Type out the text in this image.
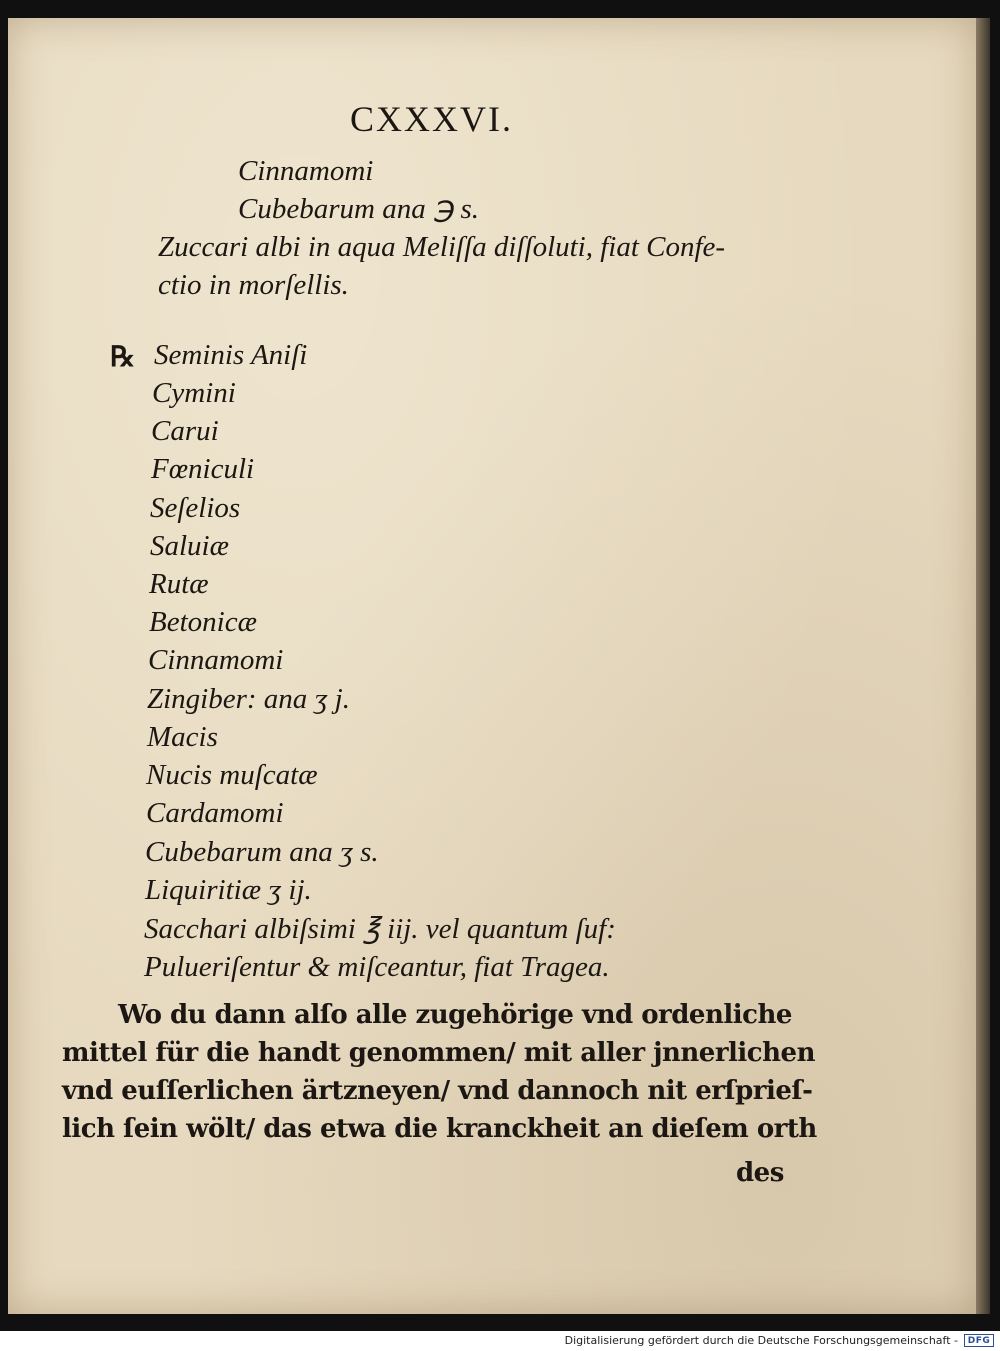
CXXXVI.
Cinnamomi
Cubebarum ana ℈ s.
Zuccari albi in aqua Meliſſa diſſoluti, fiat Confe-
ctio in morſellis.
℞ Seminis Aniſi
Cymini
Carui
Fœniculi
Seſelios
Saluiæ
Rutæ
Betonicæ
Cinnamomi
Zingiber: ana ʒ j.
Macis
Nucis muſcatæ
Cardamomi
Cubebarum ana ʒ s.
Liquiritiæ ʒ ij.
Sacchari albiſsimi ℥ iij. vel quantum ſuf:
Pulueriſentur & miſceantur, fiat Tragea.
Wo du dann alſo alle zugehörige vnd ordenliche
mittel für die handt genommen/ mit aller jnnerlichen
vnd euſſerlichen ärtzneyen/ vnd dannoch nit erſprieſ-
lich ſein wölt/ das etwa die kranckheit an dieſem orth
des
Digitalisierung gefördert durch die Deutsche Forschungsgemeinschaft -	DFG
